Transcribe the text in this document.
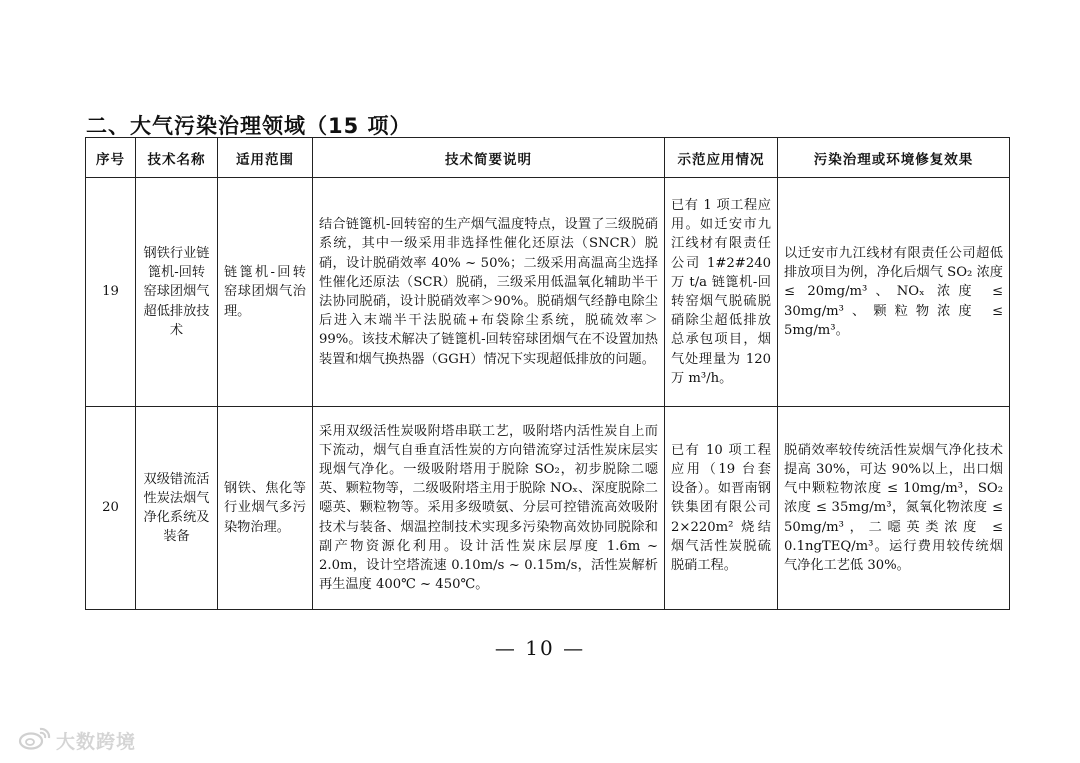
二、大气污染治理领域（15 项）
序号	技术名称	适用范围	技术简要说明	示范应用情况	污染治理或环境修复效果
19	钢铁行业链篦机-回转窑球团烟气超低排放技术	链篦机-回转窑球团烟气治理。	结合链篦机-回转窑的生产烟气温度特点，设置了三级脱硝系统，其中一级采用非选择性催化还原法（SNCR）脱硝，设计脱硝效率 40% ~ 50%；二级采用高温高尘选择性催化还原法（SCR）脱硝，三级采用低温氧化辅助半干法协同脱硝，设计脱硝效率＞90%。脱硝烟气经静电除尘后进入末端半干法脱硫+布袋除尘系统，脱硫效率＞99%。该技术解决了链篦机-回转窑球团烟气在不设置加热装置和烟气换热器（GGH）情况下实现超低排放的问题。	已有 1 项工程应用。如迁安市九江线材有限责任公司 1#2#240 万 t/a 链篦机-回转窑烟气脱硫脱硝除尘超低排放总承包项目，烟气处理量为 120 万 m³/h。	以迁安市九江线材有限责任公司超低排放项目为例，净化后烟气 SO₂ 浓度 ≤ 20mg/m³、NOₓ 浓度 ≤ 30mg/m³、颗粒物浓度 ≤ 5mg/m³。
20	双级错流活性炭法烟气净化系统及装备	钢铁、焦化等行业烟气多污染物治理。	采用双级活性炭吸附塔串联工艺，吸附塔内活性炭自上而下流动，烟气自垂直活性炭的方向错流穿过活性炭床层实现烟气净化。一级吸附塔用于脱除 SO₂，初步脱除二噁英、颗粒物等，二级吸附塔主用于脱除 NOₓ、深度脱除二噁英、颗粒物等。采用多级喷氨、分层可控错流高效吸附技术与装备、烟温控制技术实现多污染物高效协同脱除和副产物资源化利用。设计活性炭床层厚度 1.6m ~ 2.0m，设计空塔流速 0.10m/s ~ 0.15m/s，活性炭解析再生温度 400℃ ~ 450℃。	已有 10 项工程应用（19 台套设备）。如晋南钢铁集团有限公司 2×220m² 烧结烟气活性炭脱硫脱硝工程。	脱硝效率较传统活性炭烟气净化技术提高 30%，可达 90%以上，出口烟气中颗粒物浓度 ≤ 10mg/m³，SO₂ 浓度 ≤ 35mg/m³，氮氧化物浓度 ≤ 50mg/m³，二噁英类浓度 ≤ 0.1ngTEQ/m³。运行费用较传统烟气净化工艺低 30%。
— 10 —
大数跨境
